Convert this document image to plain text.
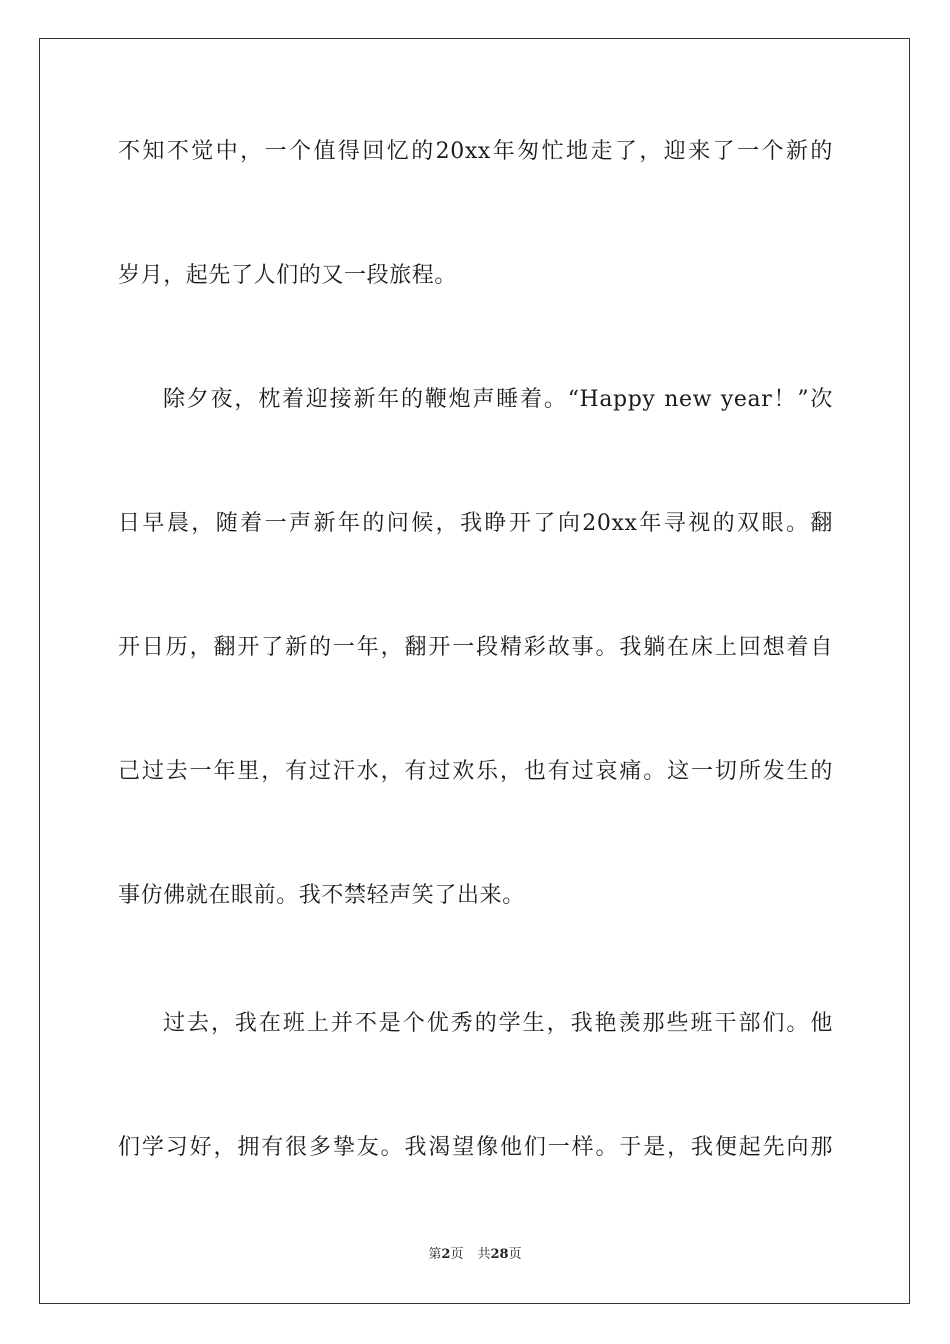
不知不觉中，一个值得回忆的20xx年匆忙地走了，迎来了一个新的
岁月，起先了人们的又一段旅程。
除夕夜，枕着迎接新年的鞭炮声睡着。“Happy new year！”次
日早晨，随着一声新年的问候，我睁开了向20xx年寻视的双眼。翻
开日历，翻开了新的一年，翻开一段精彩故事。我躺在床上回想着自
己过去一年里，有过汗水，有过欢乐，也有过哀痛。这一切所发生的
事仿佛就在眼前。我不禁轻声笑了出来。
过去，我在班上并不是个优秀的学生，我艳羡那些班干部们。他
们学习好，拥有很多挚友。我渴望像他们一样。于是，我便起先向那
第2页 共28页
